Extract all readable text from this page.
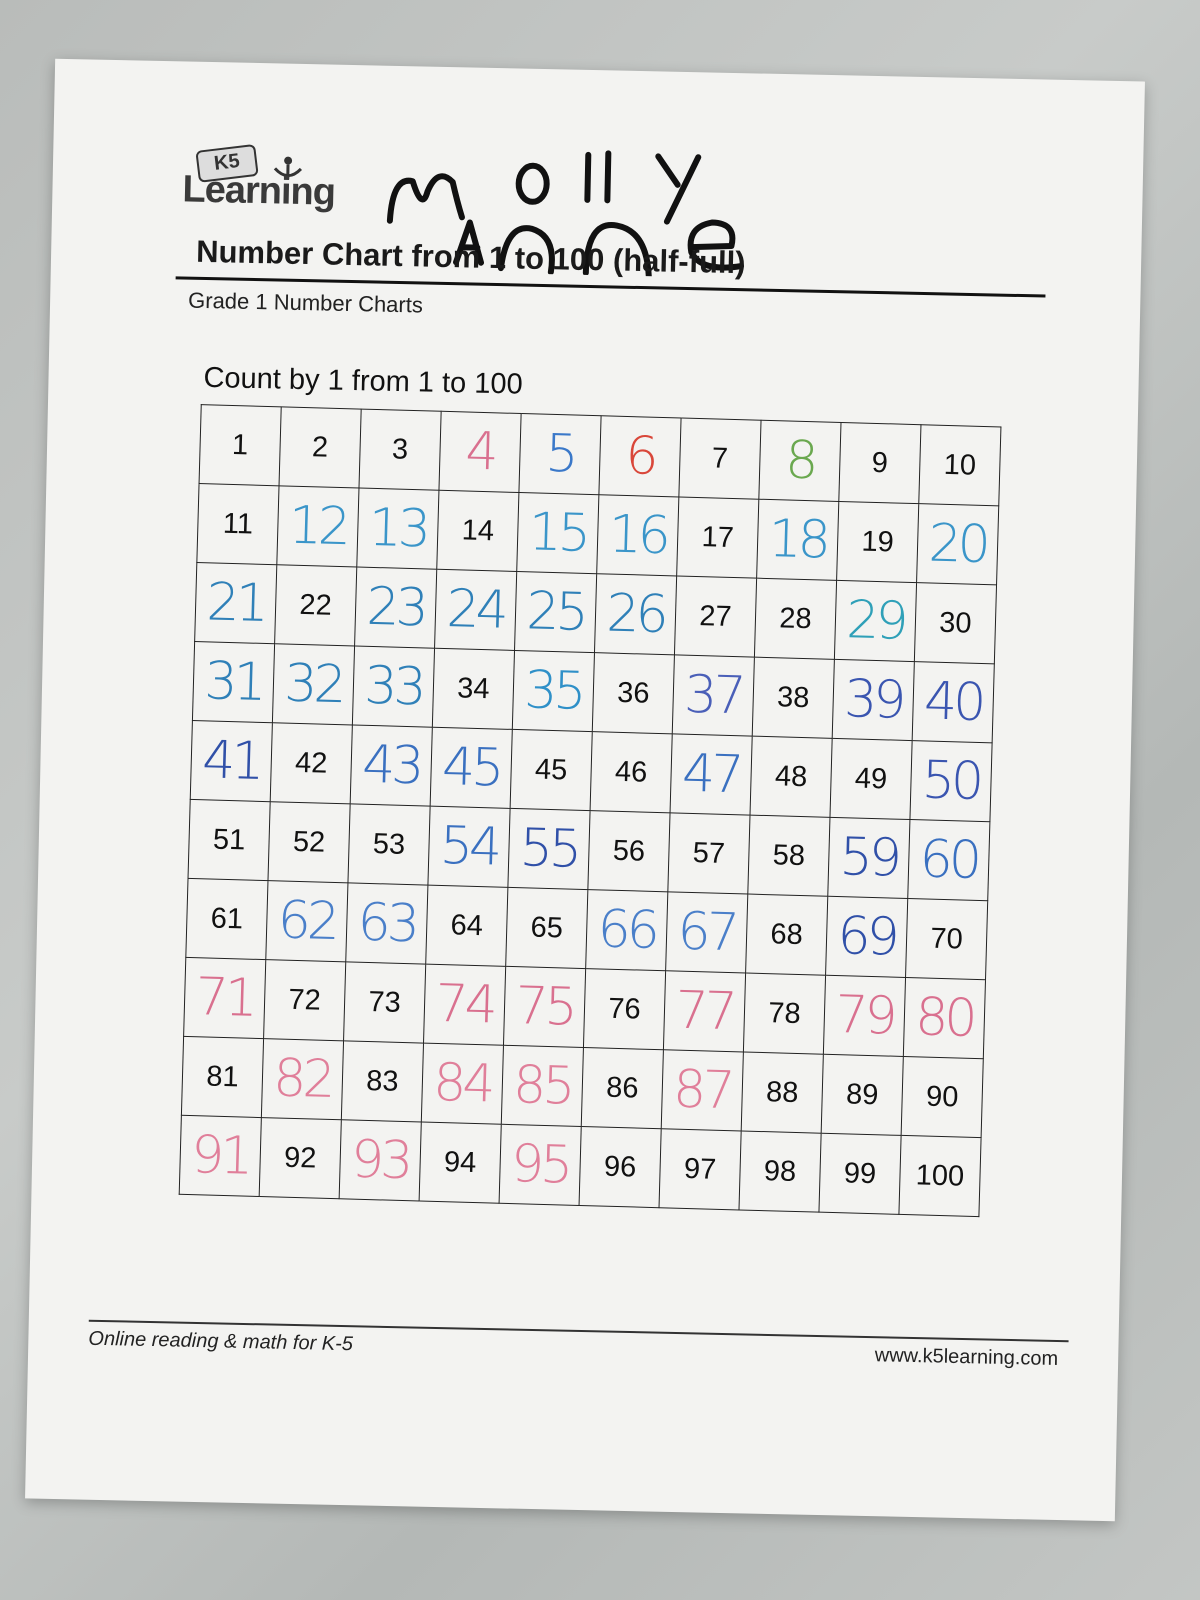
K5
Learning
Number Chart from 1 to 100 (half-full)
Grade 1 Number Charts
Count by 1 from 1 to 100
1	2	3	4	5	6	7	8	9	10
11	12	13	14	15	16	17	18	19	20
21	22	23	24	25	26	27	28	29	30
31	32	33	34	35	36	37	38	39	40
41	42	43	45	45	46	47	48	49	50
51	52	53	54	55	56	57	58	59	60
61	62	63	64	65	66	67	68	69	70
71	72	73	74	75	76	77	78	79	80
81	82	83	84	85	86	87	88	89	90
91	92	93	94	95	96	97	98	99	100
Online reading & math for K-5
www.k5learning.com
